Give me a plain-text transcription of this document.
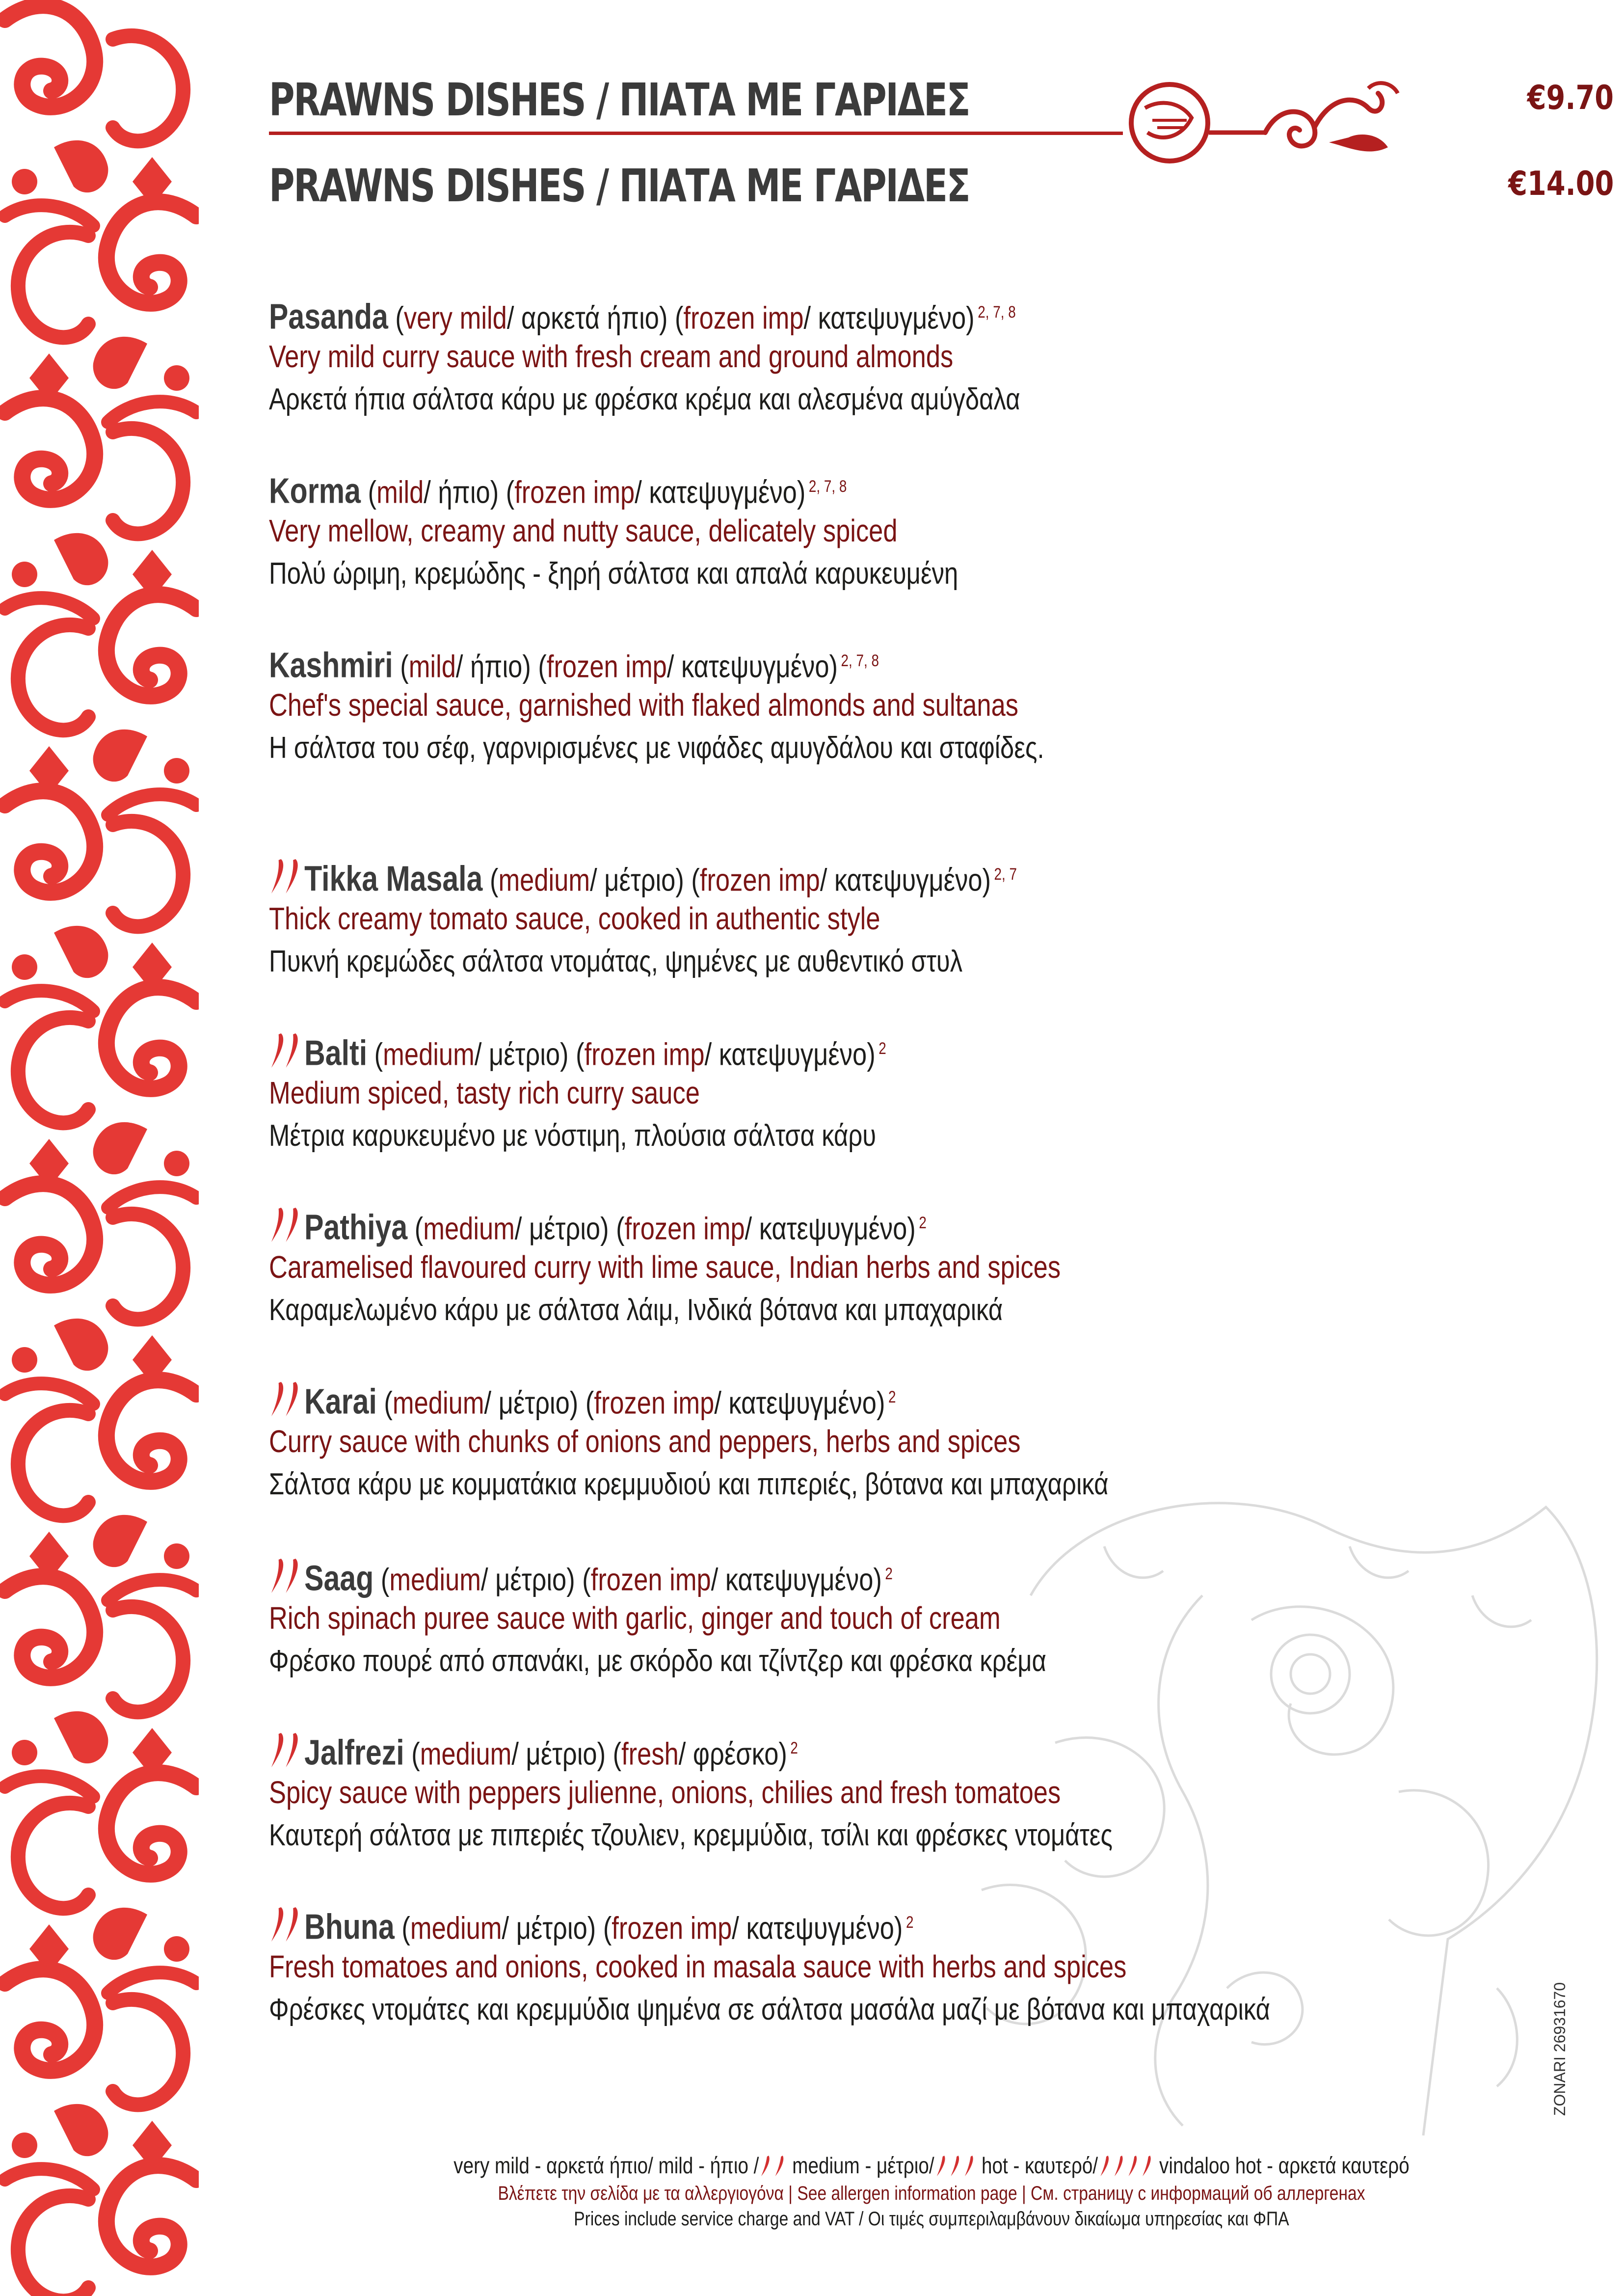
PRAWNS DISHES / ΠΙΑΤΑ ΜΕ ΓΑΡΙΔΕΣ	€9.70
PRAWNS DISHES / ΠΙΑΤΑ ΜΕ ΓΑΡΙΔΕΣ	€14.00
Pasanda (very mild/ αρκετά ήπιο) (frozen imp/ κατεψυγμένο) $^{2, 7, 8}$
Very mild curry sauce with fresh cream and ground almonds
Αρκετά ήπια σάλτσα κάρυ με φρέσκα κρέμα και αλεσμένα αμύγδαλα
Korma (mild/ ήπιο) (frozen imp/ κατεψυγμένο) $^{2, 7, 8}$
Very mellow, creamy and nutty sauce, delicately spiced
Πολύ ώριμη, κρεμώδης - ξηρή σάλτσα και απαλά καρυκευμένη
Kashmiri (mild/ ήπιο) (frozen imp/ κατεψυγμένο) $^{2, 7, 8}$
Chef's special sauce, garnished with flaked almonds and sultanas
Η σάλτσα του σέφ, γαρνιρισμένες με νιφάδες αμυγδάλου και σταφίδες.
Tikka Masala (medium/ μέτριο) (frozen imp/ κατεψυγμένο) $^{2, 7}$
Thick creamy tomato sauce, cooked in authentic style
Πυκνή κρεμώδες σάλτσα ντομάτας, ψημένες με αυθεντικό στυλ
Balti (medium/ μέτριο) (frozen imp/ κατεψυγμένο) $^2$
Medium spiced, tasty rich curry sauce
Μέτρια καρυκευμένο με νόστιμη, πλούσια σάλτσα κάρυ
Pathiya (medium/ μέτριο) (frozen imp/ κατεψυγμένο) $^2$
Caramelised flavoured curry with lime sauce, Indian herbs and spices
Καραμελωμένο κάρυ με σάλτσα λάιμ, Ινδικά βότανα και μπαχαρικά
Karai (medium/ μέτριο) (frozen imp/ κατεψυγμένο) $^2$
Curry sauce with chunks of onions and peppers, herbs and spices
Σάλτσα κάρυ με κομματάκια κρεμμυδιού και πιπεριές, βότανα και μπαχαρικά
Saag (medium/ μέτριο) (frozen imp/ κατεψυγμένο) $^2$
Rich spinach puree sauce with garlic, ginger and touch of cream
Φρέσκο πουρέ από σπανάκι, με σκόρδο και τζίντζερ και φρέσκα κρέμα
Jalfrezi (medium/ μέτριο) (fresh/ φρέσκο) $^2$
Spicy sauce with peppers julienne, onions, chilies and fresh tomatoes
Καυτερή σάλτσα με πιπεριές τζουλιεν, κρεμμύδια, τσίλι και φρέσκες ντομάτες
Bhuna (medium/ μέτριο) (frozen imp/ κατεψυγμένο) $^2$
Fresh tomatoes and onions, cooked in masala sauce with herbs and spices
Φρέσκες ντομάτες και κρεμμύδια ψημένα σε σάλτσα μασάλα μαζί με βότανα και μπαχαρικά
very mild - αρκετά ήπιο/ mild - ήπιο / medium - μέτριο/ hot - καυτερό/	vindaloo hot - αρκετά καυτερό
Βλέπετε την σελίδα με τα αλλεργιογόνα | See allergen information page | См. страницу с информаций об аллергенах
Prices include service charge and VAT / Οι τιμές συμπεριλαμβάνουν δικαίωμα υπηρεσίας και ΦΠΑ
ZONARI 26931670
